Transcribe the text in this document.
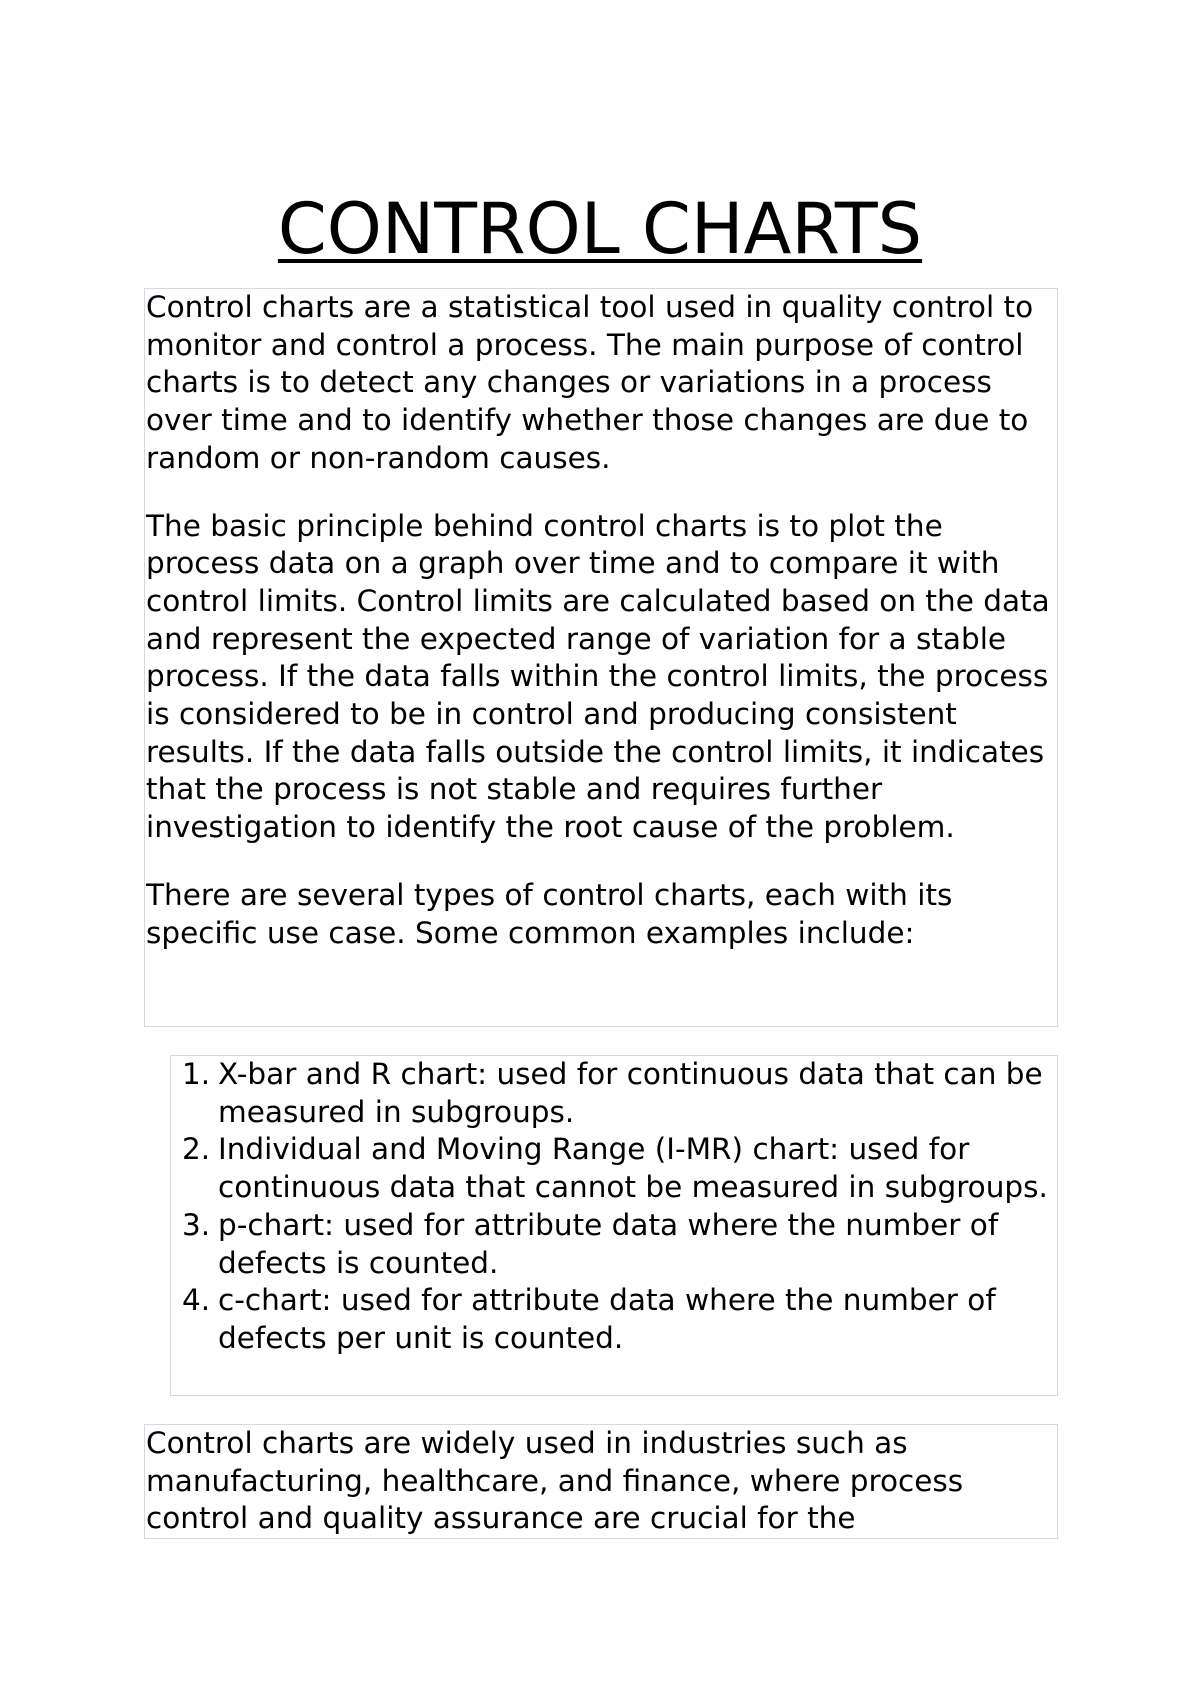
CONTROL CHARTS

Control charts are a statistical tool used in quality control to monitor and control a process. The main purpose of control charts is to detect any changes or variations in a process over time and to identify whether those changes are due to random or non-random causes.

The basic principle behind control charts is to plot the process data on a graph over time and to compare it with control limits. Control limits are calculated based on the data and represent the expected range of variation for a stable process. If the data falls within the control limits, the process is considered to be in control and producing consistent results. If the data falls outside the control limits, it indicates that the process is not stable and requires further investigation to identify the root cause of the problem.

There are several types of control charts, each with its specific use case. Some common examples include:

1. X-bar and R chart: used for continuous data that can be measured in subgroups.
2. Individual and Moving Range (I-MR) chart: used for continuous data that cannot be measured in subgroups.
3. p-chart: used for attribute data where the number of defects is counted.
4. c-chart: used for attribute data where the number of defects per unit is counted.

Control charts are widely used in industries such as manufacturing, healthcare, and finance, where process control and quality assurance are crucial for the
